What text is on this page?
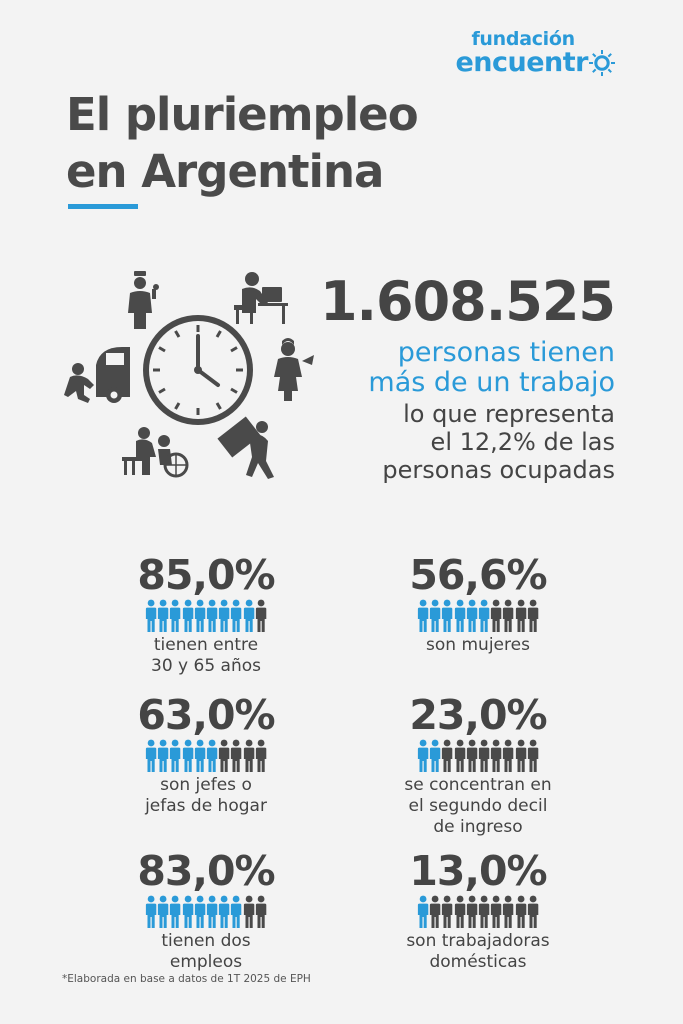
fundación
encuentr
El pluriempleo
en Argentina
1.608.525
personas tienen
más de un trabajo
lo que representa
el 12,2% de las
personas ocupadas
85,0%
tienen entre
30 y 65 años
56,6%
son mujeres
63,0%
son jefes o
jefas de hogar
23,0%
se concentran en
el segundo decil
de ingreso
83,0%
tienen dos
empleos
13,0%
son trabajadoras
domésticas
*Elaborada en base a datos de 1T 2025 de EPH
